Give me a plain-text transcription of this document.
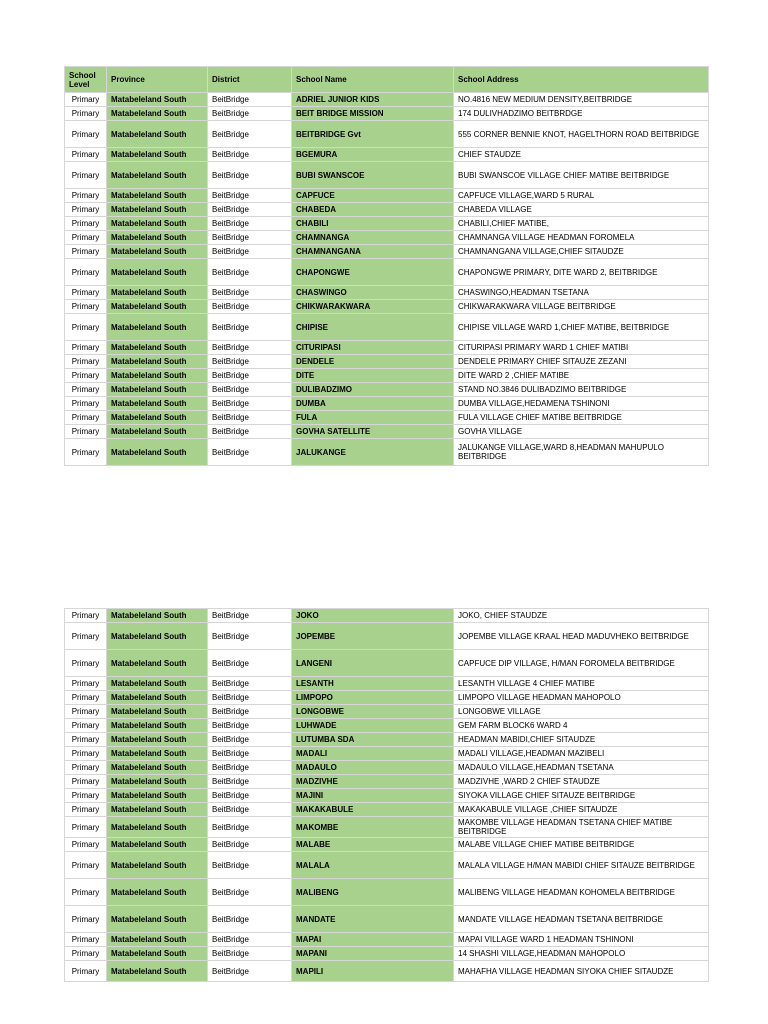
School Level	Province	District	School Name	School Address
Primary	Matabeleland South	BeitBridge	ADRIEL JUNIOR KIDS	NO.4816 NEW MEDIUM DENSITY,BEITBRIDGE
Primary	Matabeleland South	BeitBridge	BEIT BRIDGE MISSION	174 DULIVHADZIMO BEITBRDGE
Primary	Matabeleland South	BeitBridge	BEITBRIDGE Gvt	555 CORNER BENNIE KNOT, HAGELTHORN ROAD BEITBRIDGE
Primary	Matabeleland South	BeitBridge	BGEMURA	CHIEF STAUDZE
Primary	Matabeleland South	BeitBridge	BUBI SWANSCOE	BUBI SWANSCOE VILLAGE CHIEF MATIBE BEITBRIDGE
Primary	Matabeleland South	BeitBridge	CAPFUCE	CAPFUCE VILLAGE,WARD 5 RURAL
Primary	Matabeleland South	BeitBridge	CHABEDA	CHABEDA VILLAGE
Primary	Matabeleland South	BeitBridge	CHABILI	CHABILI,CHIEF MATIBE,
Primary	Matabeleland South	BeitBridge	CHAMNANGA	CHAMNANGA VILLAGE HEADMAN FOROMELA
Primary	Matabeleland South	BeitBridge	CHAMNANGANA	CHAMNANGANA VILLAGE,CHIEF SITAUDZE
Primary	Matabeleland South	BeitBridge	CHAPONGWE	CHAPONGWE PRIMARY, DITE WARD 2, BEITBRIDGE
Primary	Matabeleland South	BeitBridge	CHASWINGO	CHASWINGO,HEADMAN TSETANA
Primary	Matabeleland South	BeitBridge	CHIKWARAKWARA	CHIKWARAKWARA VILLAGE BEITBRIDGE
Primary	Matabeleland South	BeitBridge	CHIPISE	CHIPISE VILLAGE WARD 1,CHIEF MATIBE, BEITBRIDGE
Primary	Matabeleland South	BeitBridge	CITURIPASI	CITURIPASI PRIMARY WARD 1 CHIEF MATIBI
Primary	Matabeleland South	BeitBridge	DENDELE	DENDELE PRIMARY CHIEF SITAUZE ZEZANI
Primary	Matabeleland South	BeitBridge	DITE	DITE WARD 2 ,CHIEF MATIBE
Primary	Matabeleland South	BeitBridge	DULIBADZIMO	STAND NO.3846 DULIBADZIMO BEITBRIDGE
Primary	Matabeleland South	BeitBridge	DUMBA	DUMBA VILLAGE,HEDAMENA TSHINONI
Primary	Matabeleland South	BeitBridge	FULA	FULA VILLAGE CHIEF MATIBE BEITBRIDGE
Primary	Matabeleland South	BeitBridge	GOVHA SATELLITE	GOVHA VILLAGE
Primary	Matabeleland South	BeitBridge	JALUKANGE	JALUKANGE VILLAGE,WARD 8,HEADMAN MAHUPULO BEITBRIDGE
Primary	Matabeleland South	BeitBridge	JOKO	JOKO, CHIEF STAUDZE
Primary	Matabeleland South	BeitBridge	JOPEMBE	JOPEMBE VILLAGE KRAAL HEAD MADUVHEKO BEITBRIDGE
Primary	Matabeleland South	BeitBridge	LANGENI	CAPFUCE DIP VILLAGE, H/MAN FOROMELA BEITBRIDGE
Primary	Matabeleland South	BeitBridge	LESANTH	LESANTH VILLAGE 4 CHIEF MATIBE
Primary	Matabeleland South	BeitBridge	LIMPOPO	LIMPOPO VILLAGE HEADMAN MAHOPOLO
Primary	Matabeleland South	BeitBridge	LONGOBWE	LONGOBWE VILLAGE
Primary	Matabeleland South	BeitBridge	LUHWADE	GEM FARM BLOCK6 WARD 4
Primary	Matabeleland South	BeitBridge	LUTUMBA SDA	HEADMAN MABIDI,CHIEF SITAUDZE
Primary	Matabeleland South	BeitBridge	MADALI	MADALI VILLAGE,HEADMAN MAZIBELI
Primary	Matabeleland South	BeitBridge	MADAULO	MADAULO VILLAGE,HEADMAN TSETANA
Primary	Matabeleland South	BeitBridge	MADZIVHE	MADZIVHE ,WARD 2 CHIEF STAUDZE
Primary	Matabeleland South	BeitBridge	MAJINI	SIYOKA VILLAGE CHIEF SITAUZE BEITBRIDGE
Primary	Matabeleland South	BeitBridge	MAKAKABULE	MAKAKABULE VILLAGE ,CHIEF SITAUDZE
Primary	Matabeleland South	BeitBridge	MAKOMBE	MAKOMBE VILLAGE HEADMAN TSETANA CHIEF MATIBE BEITBRIDGE
Primary	Matabeleland South	BeitBridge	MALABE	MALABE VILLAGE CHIEF MATIBE BEITBRIDGE
Primary	Matabeleland South	BeitBridge	MALALA	MALALA VILLAGE H/MAN MABIDI CHIEF SITAUZE BEITBRIDGE
Primary	Matabeleland South	BeitBridge	MALIBENG	MALIBENG VILLAGE HEADMAN KOHOMELA BEITBRIDGE
Primary	Matabeleland South	BeitBridge	MANDATE	MANDATE VILLAGE HEADMAN TSETANA BEITBRIDGE
Primary	Matabeleland South	BeitBridge	MAPAI	MAPAI VILLAGE WARD 1 HEADMAN TSHINONI
Primary	Matabeleland South	BeitBridge	MAPANI	14 SHASHI VILLAGE,HEADMAN MAHOPOLO
Primary	Matabeleland South	BeitBridge	MAPILI	MAHAFHA VILLAGE HEADMAN SIYOKA CHIEF SITAUDZE
